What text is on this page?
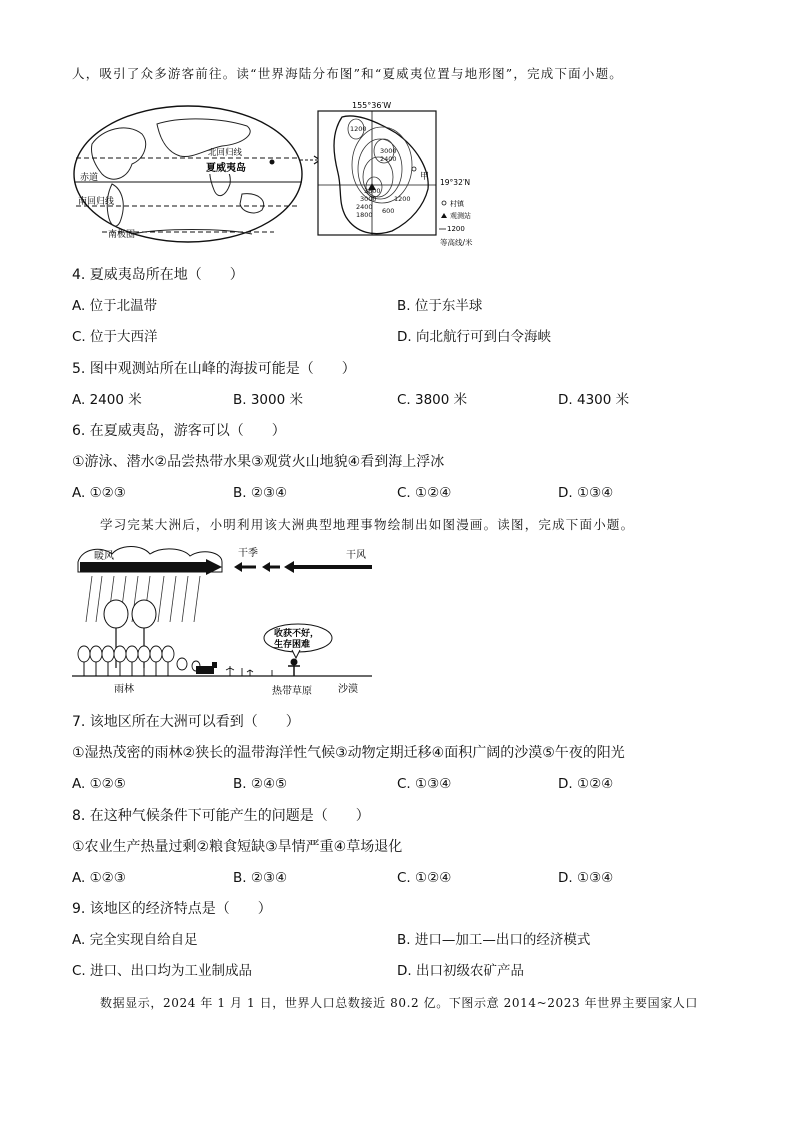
人，吸引了众多游客前往。读“世界海陆分布图”和“夏威夷位置与地形图”，完成下面小题。
北回归线
夏威夷岛
赤道
南回归线
南极圈
155°36′W
1200
3000
2400
3600
3000
2400
1200
1800 600
甲
19°32′N
村镇
观测站
1200
等高线/米
4. 夏威夷岛所在地（　　）
A. 位于北温带	B. 位于东半球
C. 位于大西洋	D. 向北航行可到白令海峡
5. 图中观测站所在山峰的海拔可能是（　　）
A. 2400 米	B. 3000 米	C. 3800 米	D. 4300 米
6. 在夏威夷岛，游客可以（　　）
①游泳、潜水②品尝热带水果③观赏火山地貌④看到海上浮冰
A. ①②③	B. ②③④	C. ①②④	D. ①③④
学习完某大洲后，小明利用该大洲典型地理事物绘制出如图漫画。读图，完成下面小题。
暖风	干季	干风
收获不好，
生存困难
雨林	热带草原	沙漠
7. 该地区所在大洲可以看到（　　）
①湿热茂密的雨林②狭长的温带海洋性气候③动物定期迁移④面积广阔的沙漠⑤午夜的阳光
A. ①②⑤	B. ②④⑤	C. ①③④	D. ①②④
8. 在这种气候条件下可能产生的问题是（　　）
①农业生产热量过剩②粮食短缺③旱情严重④草场退化
A. ①②③	B. ②③④	C. ①②④	D. ①③④
9. 该地区的经济特点是（　　）
A. 完全实现自给自足	B. 进口—加工—出口的经济模式
C. 进口、出口均为工业制成品	D. 出口初级农矿产品
数据显示，2024 年 1 月 1 日，世界人口总数接近 80.2 亿。下图示意 2014~2023 年世界主要国家人口
